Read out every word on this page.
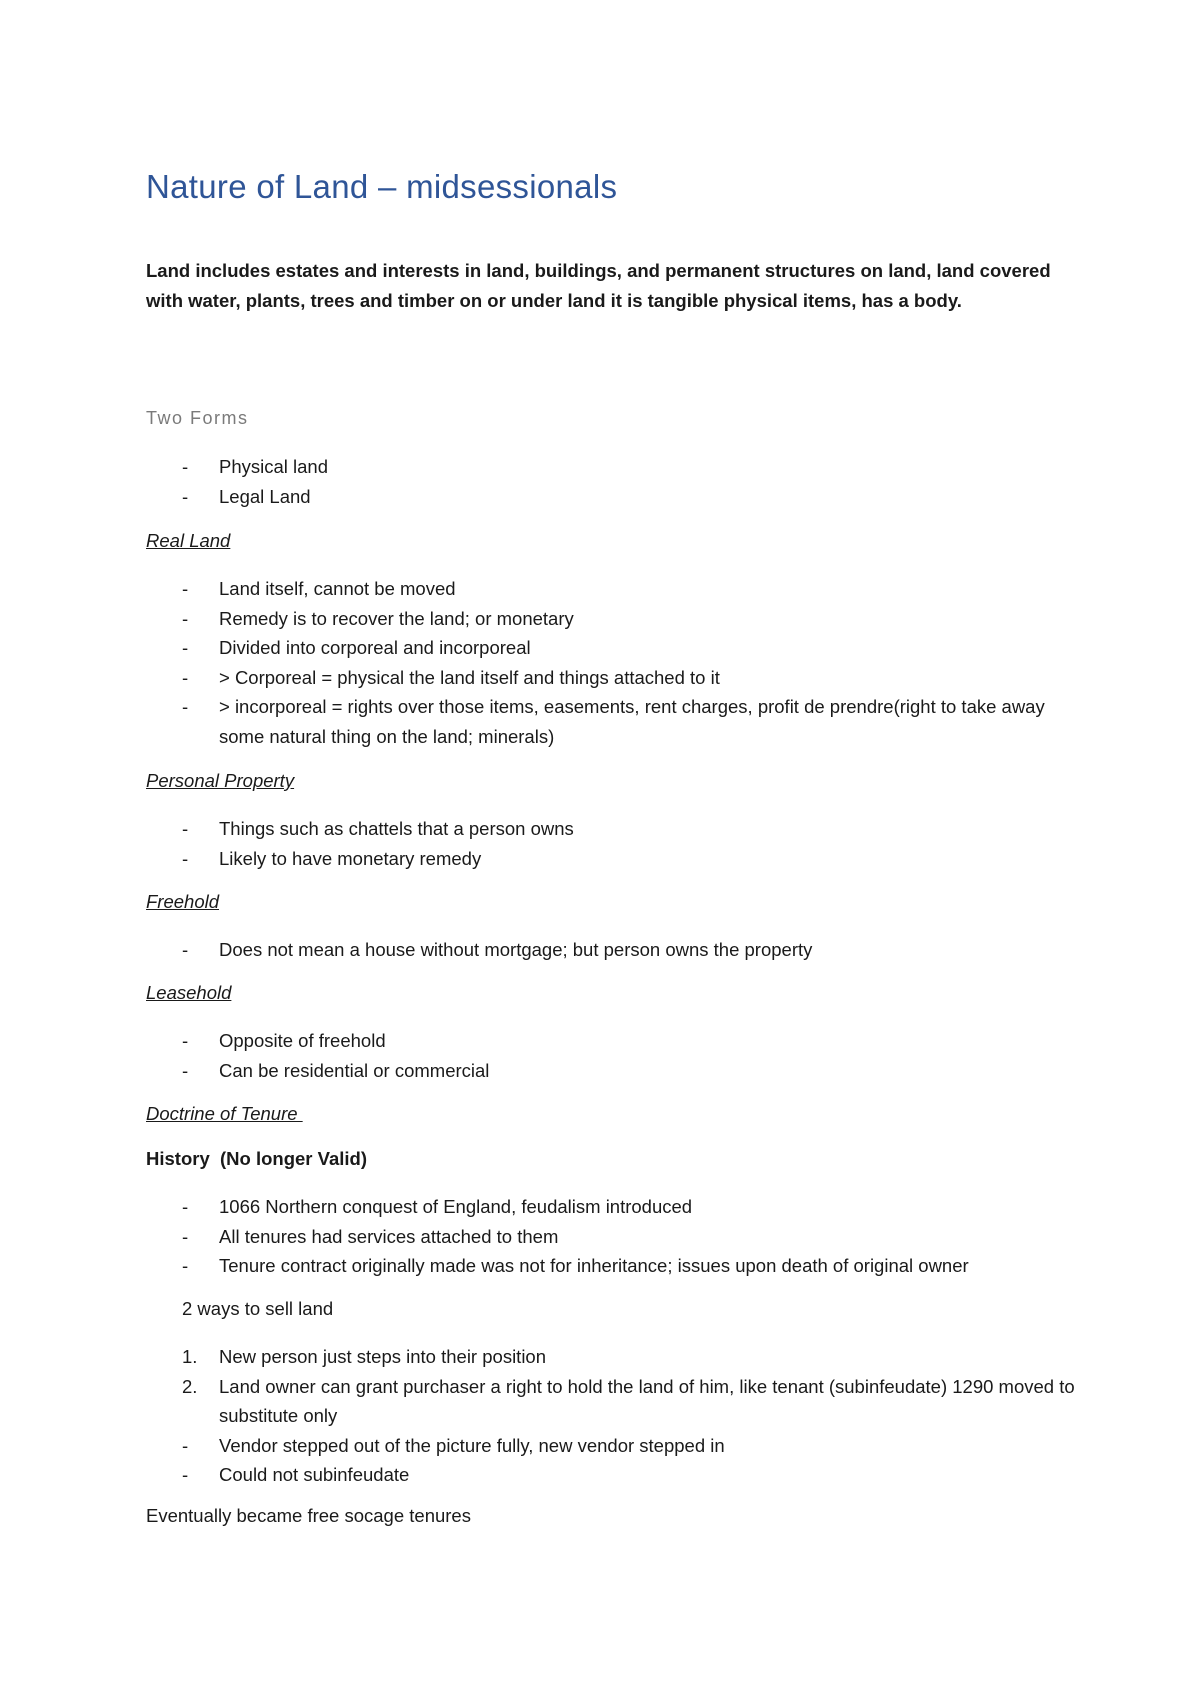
Nature of Land – midsessionals

Land includes estates and interests in land, buildings, and permanent structures on land, land covered with water, plants, trees and timber on or under land it is tangible physical items, has a body.

Two Forms

- Physical land
- Legal Land

Real Land

- Land itself, cannot be moved
- Remedy is to recover the land; or monetary
- Divided into corporeal and incorporeal
- > Corporeal = physical the land itself and things attached to it
- > incorporeal = rights over those items, easements, rent charges, profit de prendre(right to take away some natural thing on the land; minerals)

Personal Property

- Things such as chattels that a person owns
- Likely to have monetary remedy

Freehold

- Does not mean a house without mortgage; but person owns the property

Leasehold

- Opposite of freehold
- Can be residential or commercial

Doctrine of Tenure

History  (No longer Valid)

- 1066 Northern conquest of England, feudalism introduced
- All tenures had services attached to them
- Tenure contract originally made was not for inheritance; issues upon death of original owner

2 ways to sell land

1. New person just steps into their position
2. Land owner can grant purchaser a right to hold the land of him, like tenant (subinfeudate) 1290 moved to substitute only
- Vendor stepped out of the picture fully, new vendor stepped in
- Could not subinfeudate

Eventually became free socage tenures
